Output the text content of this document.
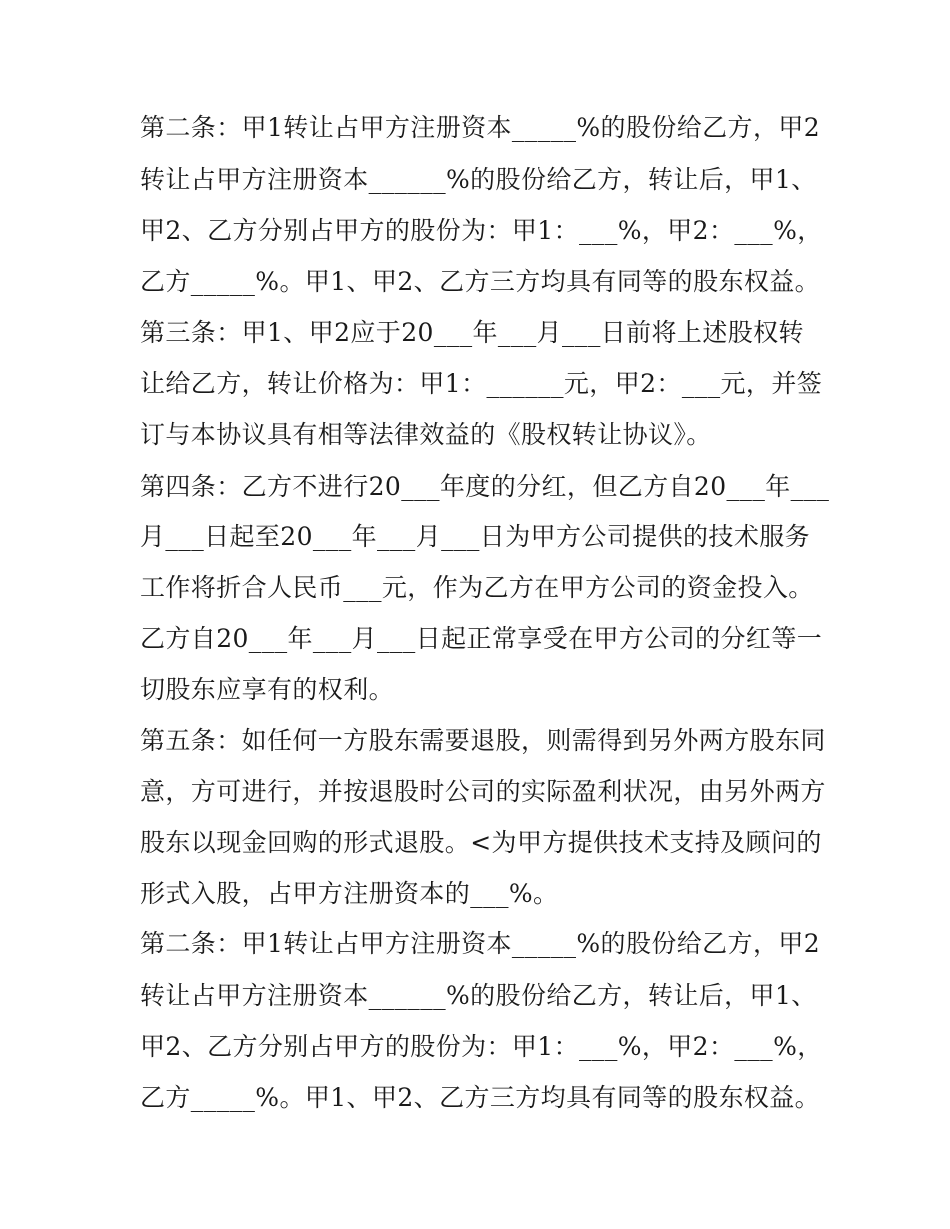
第二条：甲1转让占甲方注册资本_____%的股份给乙方，甲2
转让占甲方注册资本______%的股份给乙方，转让后，甲1、
甲2、乙方分别占甲方的股份为：甲1：___%，甲2：___%，
乙方_____%。甲1、甲2、乙方三方均具有同等的股东权益。
第三条：甲1、甲2应于20___年___月___日前将上述股权转
让给乙方，转让价格为：甲1：______元，甲2：___元，并签
订与本协议具有相等法律效益的《股权转让协议》。
第四条：乙方不进行20___年度的分红，但乙方自20___年___
月___日起至20___年___月___日为甲方公司提供的技术服务
工作将折合人民币___元，作为乙方在甲方公司的资金投入。
乙方自20___年___月___日起正常享受在甲方公司的分红等一
切股东应享有的权利。
第五条：如任何一方股东需要退股，则需得到另外两方股东同
意，方可进行，并按退股时公司的实际盈利状况，由另外两方
股东以现金回购的形式退股。<为甲方提供技术支持及顾问的
形式入股，占甲方注册资本的___%。
第二条：甲1转让占甲方注册资本_____%的股份给乙方，甲2
转让占甲方注册资本______%的股份给乙方，转让后，甲1、
甲2、乙方分别占甲方的股份为：甲1：___%，甲2：___%，
乙方_____%。甲1、甲2、乙方三方均具有同等的股东权益。
